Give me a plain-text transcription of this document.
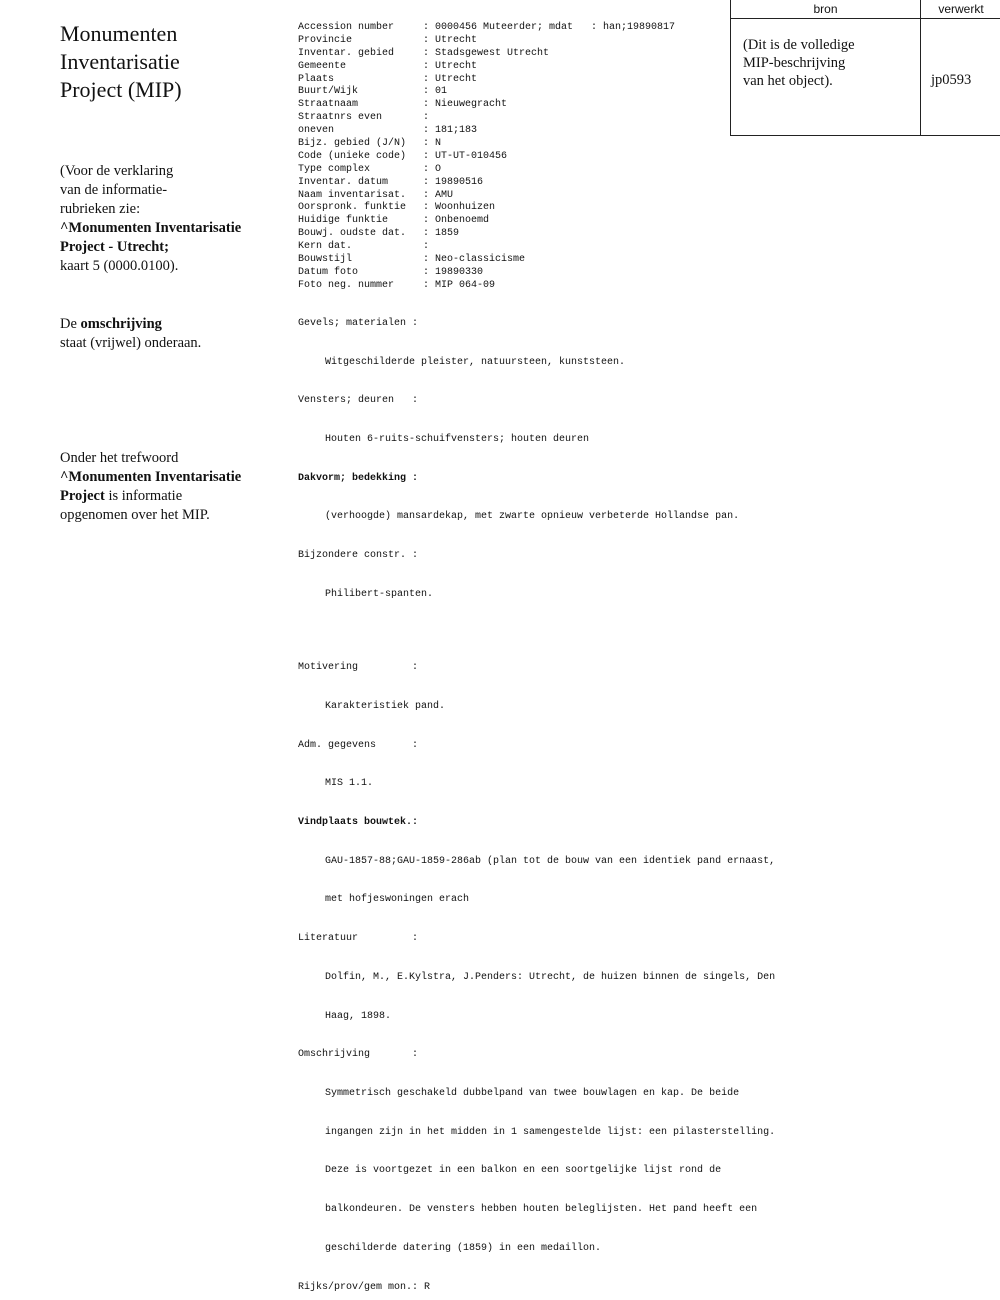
Monumenten
Inventarisatie
Project (MIP)

(Voor de verklaring

van de informatie-

rubrieken zie:

^Monumenten Inventarisatie

Project - Utrecht;

kaart 5 (0000.0100).

De omschrijving

staat (vrijwel) onderaan.

Onder het trefwoord

^Monumenten Inventarisatie

Project is informatie

opgenomen over het MIP.

bron	verwerkt
(Dit is de volledige
MIP-beschrijving
van het object).	jp0593
Accession number	: 0000456 Muteerder; mdat : han;19890817
Provincie	: Utrecht
Inventar. gebied	: Stadsgewest Utrecht
Gemeente	: Utrecht
Plaats	: Utrecht
Buurt/Wijk	: 01
Straatnaam	: Nieuwegracht
Straatnrs even	:
oneven	: 181;183
Bijz. gebied (J/N) : N
Code (unieke code) : UT-UT-010456
Type complex	: O
Inventar. datum	: 19890516
Naam inventarisat. : AMU
Oorspronk. funktie : Woonhuizen
Huidige funktie	: Onbenoemd
Bouwj. oudste dat. : 1859
Kern dat.	:
Bouwstijl	: Neo-classicisme
Datum foto	: 19890330
Foto neg. nummer	: MIP 064-09

Gevels; materialen :

Witgeschilderde pleister, natuursteen, kunststeen.

Vensters; deuren   :

Houten 6-ruits-schuifvensters; houten deuren

Dakvorm; bedekking :

(verhoogde) mansardekap, met zwarte opnieuw verbeterde Hollandse pan.

Bijzondere constr. :

Philibert-spanten.

Motivering         :

Karakteristiek pand.

Adm. gegevens      :

MIS 1.1.

Vindplaats bouwtek.:

GAU-1857-88;GAU-1859-286ab (plan tot de bouw van een identiek pand ernaast,

met hofjeswoningen erach

Literatuur         :

Dolfin, M., E.Kylstra, J.Penders: Utrecht, de huizen binnen de singels, Den

Haag, 1898.

Omschrijving       :

Symmetrisch geschakeld dubbelpand van twee bouwlagen en kap. De beide

ingangen zijn in het midden in 1 samengestelde lijst: een pilasterstelling.

Deze is voortgezet in een balkon en een soortgelijke lijst rond de

balkondeuren. De vensters hebben houten beleglijsten. Het pand heeft een

geschilderde datering (1859) in een medaillon.

Rijks/prov/gem mon.: R
